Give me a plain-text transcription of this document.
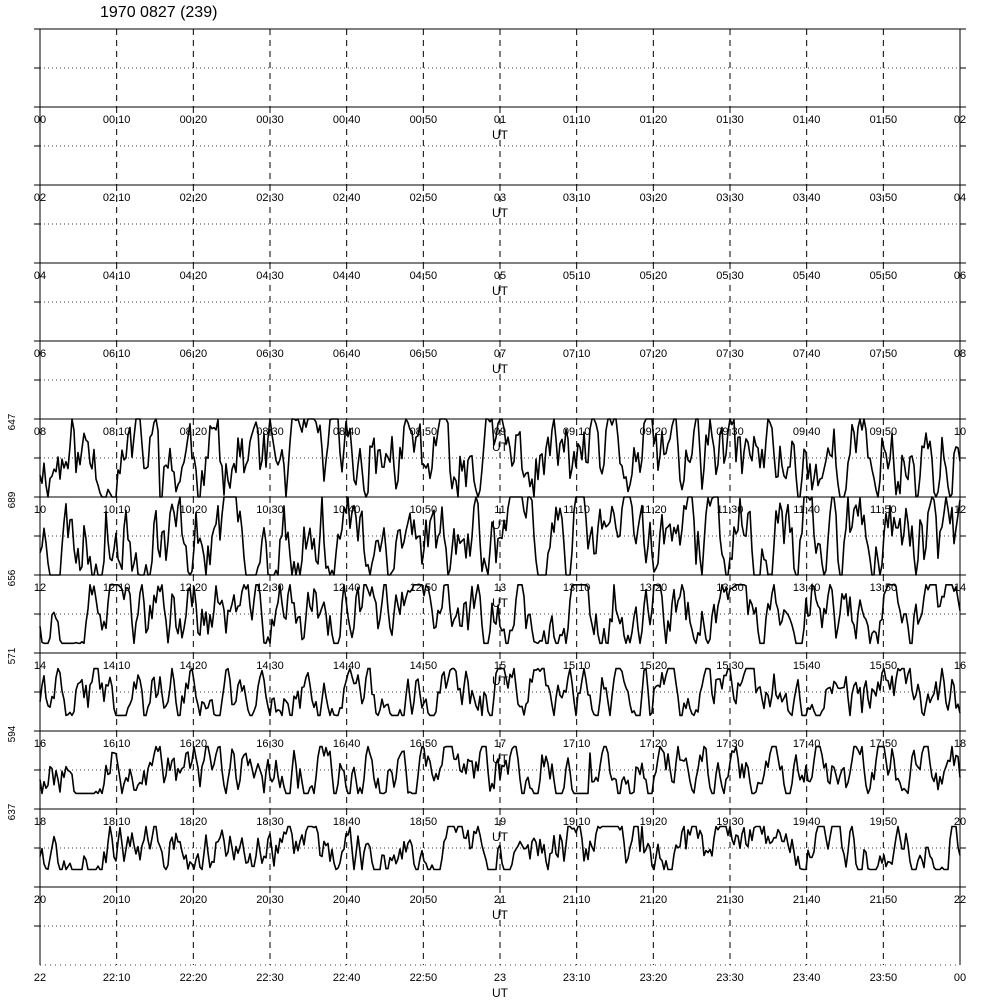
1970 0827 (239)
00	00:10	00:20	00:30	00:40	00:50	01	01:10	01:20	01:30	01:40	01:50	02
UT
02	02:10	02:20	02:30	02:40	02:50	03	03:10	03:20	03:30	03:40	03:50	04
UT
04	04:10	04:20	04:30	04:40	04:50	05	05:10	05:20	05:30	05:40	05:50	06
UT
06	06:10	06:20	06:30	06:40	06:50	07	07:10	07:20	07:30	07:40	07:50	08
UT
08	08:10	08:20	08:30	08:40	08:50	09	09:10	09:20	09:30	09:40	09:50	10
UT
647
10	10:10	10:20	10:30	10:40	10:50	11	11:10	11:20	11:30	11:40	11:50	12
UT
689
12	12:10	12:20	12:30	12:40	12:50	13	13:10	13:20	13:30	13:40	13:50	14
UT
656
14	14:10	14:20	14:30	14:40	14:50	15	15:10	15:20	15:30	15:40	15:50	16
UT
571
16	16:10	16:20	16:30	16:40	16:50	17	17:10	17:20	17:30	17:40	17:50	18
UT
594
18	18:10	18:20	18:30	18:40	18:50	19	19:10	19:20	19:30	19:40	19:50	20
UT
637
20	20:10	20:20	20:30	20:40	20:50	21	21:10	21:20	21:30	21:40	21:50	22
UT
22	22:10	22:20	22:30	22:40	22:50	23	23:10	23:20	23:30	23:40	23:50	00
UT
